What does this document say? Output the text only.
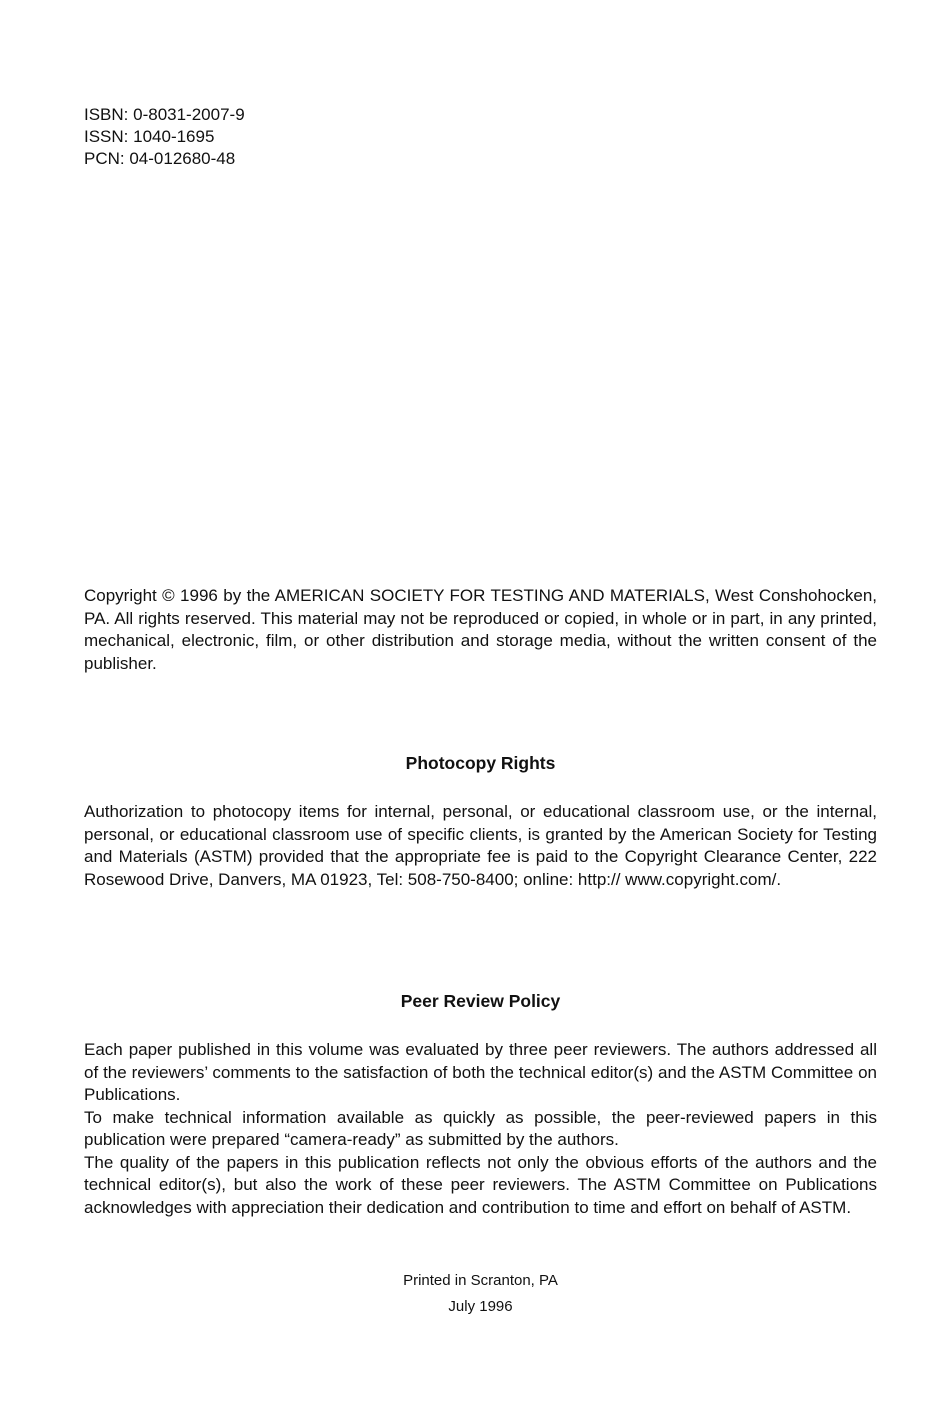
ISBN: 0-8031-2007-9
ISSN: 1040-1695
PCN: 04-012680-48

Copyright © 1996 by the AMERICAN SOCIETY FOR TESTING AND MATERIALS, West Conshohocken, PA. All rights reserved. This material may not be reproduced or copied, in whole or in part, in any printed, mechanical, electronic, film, or other distribution and storage media, without the written consent of the publisher.

Photocopy Rights

Authorization to photocopy items for internal, personal, or educational classroom use, or the internal, personal, or educational classroom use of specific clients, is granted by the American Society for Testing and Materials (ASTM) provided that the appropriate fee is paid to the Copyright Clearance Center, 222 Rosewood Drive, Danvers, MA 01923, Tel: 508-750-8400; online: http:// www.copyright.com/.

Peer Review Policy

Each paper published in this volume was evaluated by three peer reviewers. The authors addressed all of the reviewers’ comments to the satisfaction of both the technical editor(s) and the ASTM Committee on Publications.

To make technical information available as quickly as possible, the peer-reviewed papers in this publication were prepared “camera-ready” as submitted by the authors.

The quality of the papers in this publication reflects not only the obvious efforts of the authors and the technical editor(s), but also the work of these peer reviewers. The ASTM Committee on Publications acknowledges with appreciation their dedication and contribution to time and effort on behalf of ASTM.

Printed in Scranton, PA
July 1996
